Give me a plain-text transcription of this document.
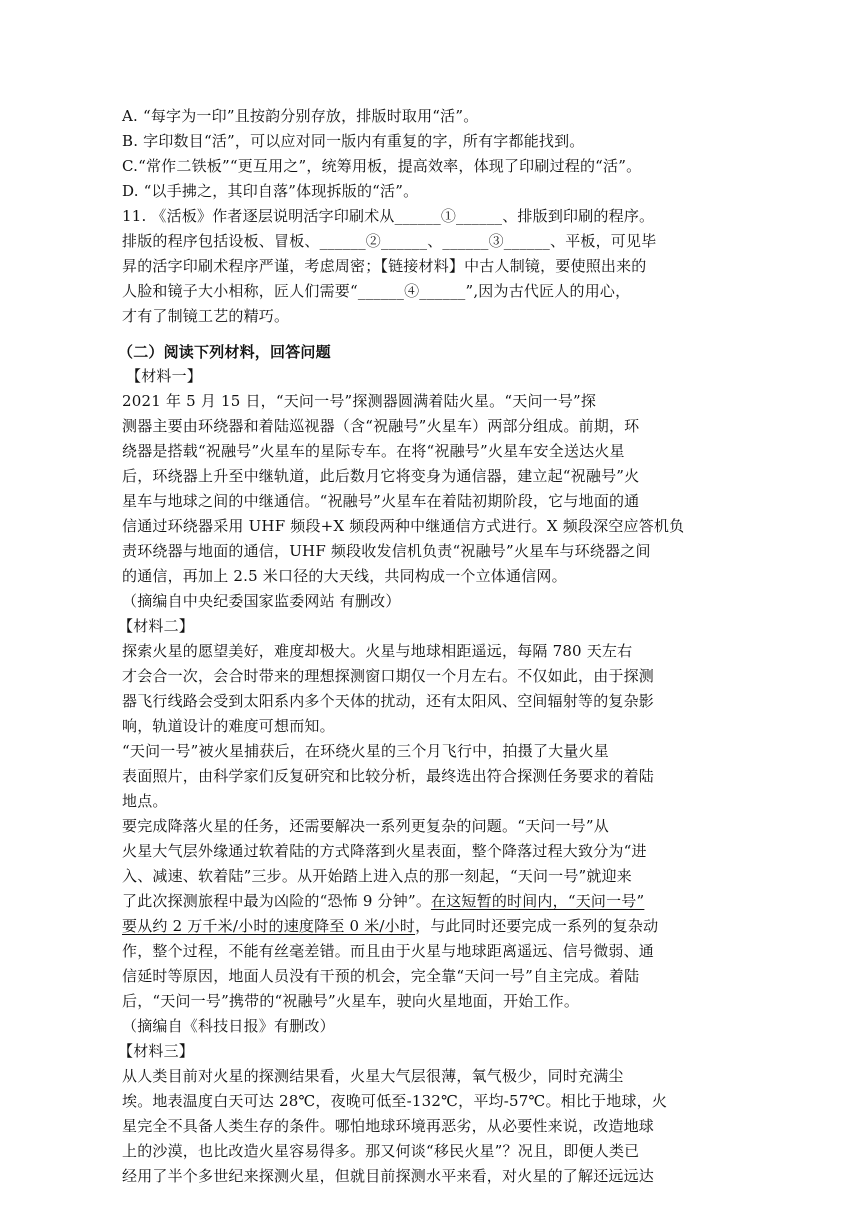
A. “每字为一印”且按韵分别存放，排版时取用“活”。
B. 字印数目“活”，可以应对同一版内有重复的字，所有字都能找到。
C.“常作二铁板”“更互用之”，统筹用板，提高效率，体现了印刷过程的“活”。
D. “以手拂之，其印自落”体现拆版的“活”。
11. 《活板》作者逐层说明活字印刷术从______①______、排版到印刷的程序。
排版的程序包括设板、冒板、______②______、______③______、平板，可见毕
昇的活字印刷术程序严谨，考虑周密；【链接材料】中古人制镜，要使照出来的
人脸和镜子大小相称，匠人们需要“______④______”,因为古代匠人的用心，
才有了制镜工艺的精巧。
（二）阅读下列材料，回答问题
【材料一】
2021 年 5 月 15 日，“天问一号”探测器圆满着陆火星。“天问一号”探
测器主要由环绕器和着陆巡视器（含“祝融号”火星车）两部分组成。前期，环
绕器是搭载“祝融号”火星车的星际专车。在将“祝融号”火星车安全送达火星
后，环绕器上升至中继轨道，此后数月它将变身为通信器，建立起“祝融号”火
星车与地球之间的中继通信。“祝融号”火星车在着陆初期阶段，它与地面的通
信通过环绕器采用 UHF 频段+X 频段两种中继通信方式进行。X 频段深空应答机负
责环绕器与地面的通信，UHF 频段收发信机负责“祝融号”火星车与环绕器之间
的通信，再加上 2.5 米口径的大天线，共同构成一个立体通信网。
（摘编自中央纪委国家监委网站 有删改）
【材料二】
探索火星的愿望美好，难度却极大。火星与地球相距遥远，每隔 780 天左右
才会合一次，会合时带来的理想探测窗口期仅一个月左右。不仅如此，由于探测
器飞行线路会受到太阳系内多个天体的扰动，还有太阳风、空间辐射等的复杂影
响，轨道设计的难度可想而知。
“天问一号”被火星捕获后，在环绕火星的三个月飞行中，拍摄了大量火星
表面照片，由科学家们反复研究和比较分析，最终选出符合探测任务要求的着陆
地点。
要完成降落火星的任务，还需要解决一系列更复杂的问题。“天问一号”从
火星大气层外缘通过软着陆的方式降落到火星表面，整个降落过程大致分为“进
入、减速、软着陆”三步。从开始踏上进入点的那一刻起，“天问一号”就迎来
了此次探测旅程中最为凶险的“恐怖 9 分钟”。在这短暂的时间内，“天问一号”
要从约 2 万千米/小时的速度降至 0 米/小时，与此同时还要完成一系列的复杂动
作，整个过程，不能有丝毫差错。而且由于火星与地球距离遥远、信号微弱、通
信延时等原因，地面人员没有干预的机会，完全靠“天问一号”自主完成。着陆
后，“天问一号”携带的“祝融号”火星车，驶向火星地面，开始工作。
（摘编自《科技日报》有删改）
【材料三】
从人类目前对火星的探测结果看，火星大气层很薄，氧气极少，同时充满尘
埃。地表温度白天可达 28℃，夜晚可低至-132℃，平均-57℃。相比于地球，火
星完全不具备人类生存的条件。哪怕地球环境再恶劣，从必要性来说，改造地球
上的沙漠，也比改造火星容易得多。那又何谈“移民火星”？况且，即便人类已
经用了半个多世纪来探测火星，但就目前探测水平来看，对火星的了解还远远达
